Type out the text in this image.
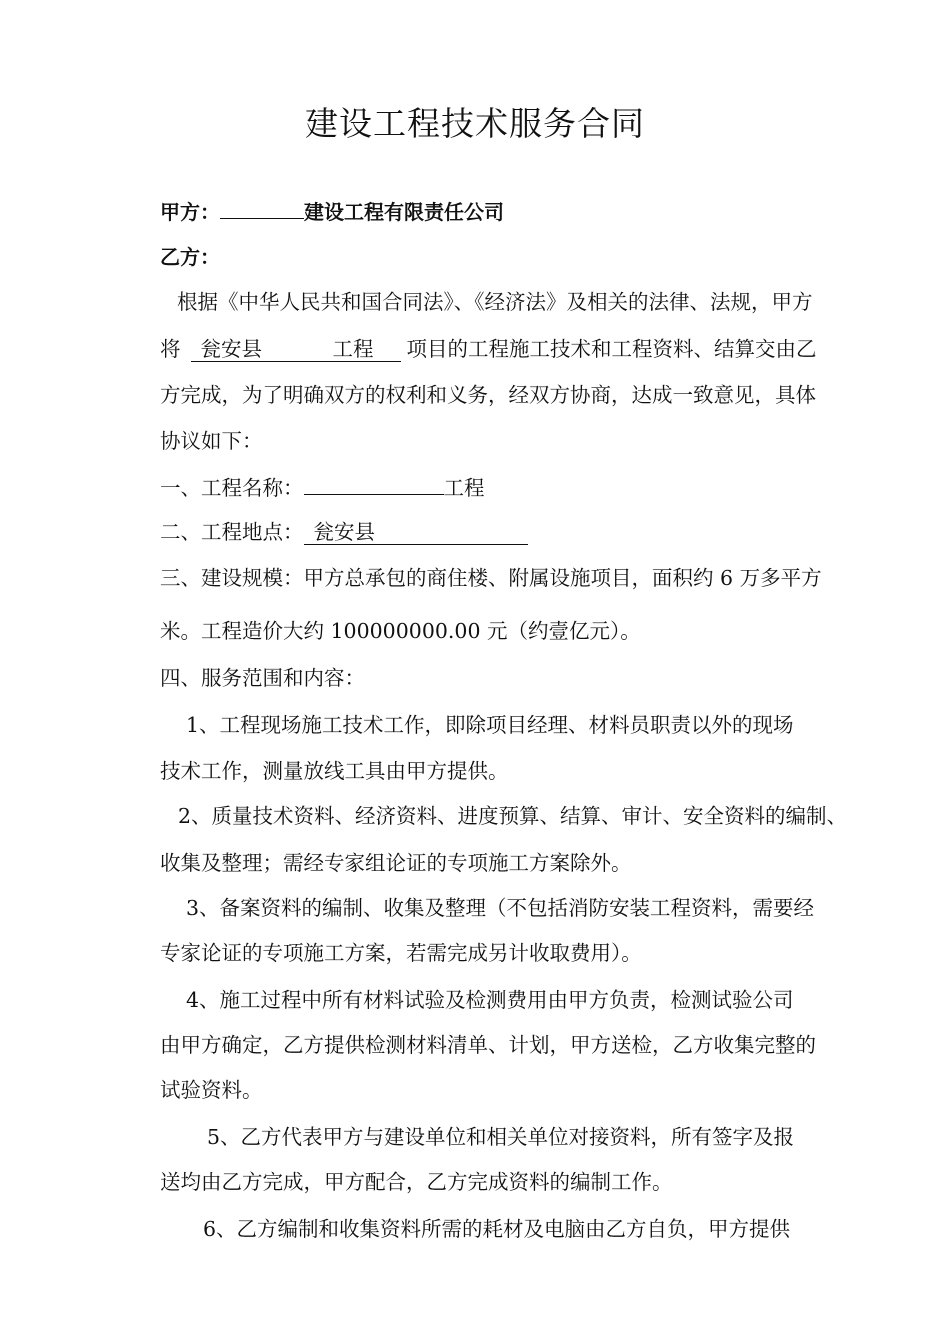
建设工程技术服务合同
甲方：	建设工程有限责任公司
乙方：
根据《中华人民共和国合同法》、《经济法》及相关的法律、法规，甲方
将 瓮安县	工程 项目的工程施工技术和工程资料、结算交由乙
方完成，为了明确双方的权利和义务，经双方协商，达成一致意见，具体
协议如下：
一、工程名称：	工程
二、工程地点： 瓮安县
三、建设规模：甲方总承包的商住楼、附属设施项目，面积约 6 万多平方
米。工程造价大约 100000000.00 元（约壹亿元）。
四、服务范围和内容：
1、工程现场施工技术工作，即除项目经理、材料员职责以外的现场
技术工作，测量放线工具由甲方提供。
2、质量技术资料、经济资料、进度预算、结算、审计、安全资料的编制、
收集及整理；需经专家组论证的专项施工方案除外。
3、备案资料的编制、收集及整理（不包括消防安装工程资料，需要经
专家论证的专项施工方案，若需完成另计收取费用）。
4、施工过程中所有材料试验及检测费用由甲方负责，检测试验公司
由甲方确定，乙方提供检测材料清单、计划，甲方送检，乙方收集完整的
试验资料。
5、乙方代表甲方与建设单位和相关单位对接资料，所有签字及报
送均由乙方完成，甲方配合，乙方完成资料的编制工作。
6、乙方编制和收集资料所需的耗材及电脑由乙方自负，甲方提供
